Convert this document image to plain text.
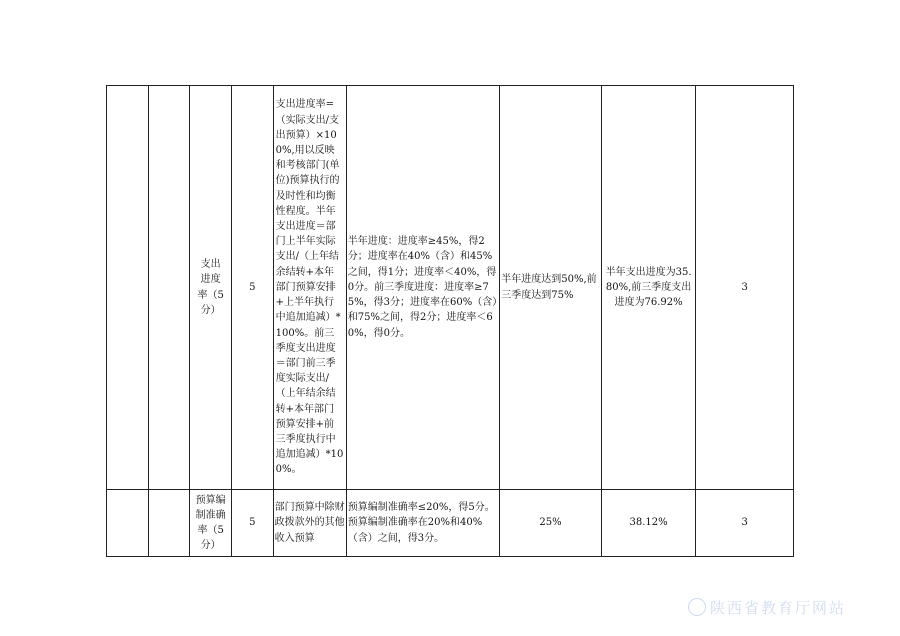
		支出进度率（5分）	5	支出进度率=（实际支出/支出预算）×100%,用以反映和考核部门(单位)预算执行的及时性和均衡性程度。半年支出进度＝部门上半年实际支出/（上年结余结转+本年部门预算安排+上半年执行中追加追减）*100%。前三季度支出进度＝部门前三季度实际支出/（上年结余结转+本年部门预算安排+前三季度执行中追加追减）*100%。	半年进度：进度率≥45%，得2分；进度率在40%（含）和45%之间，得1分；进度率＜40%，得0分。前三季度进度：进度率≥75%，得3分；进度率在60%（含）和75%之间，得2分；进度率＜60%，得0分。	半年进度达到50%,前三季度达到75%	半年支出进度为35.80%,前三季度支出进度为76.92%	3

		预算编制准确率（5分）	5	部门预算中除财政拨款外的其他收入预算	预算编制准确率≤20%，得5分。预算编制准确率在20%和40%（含）之间，得3分。	25%	38.12%	3
陕西省教育厅网站
